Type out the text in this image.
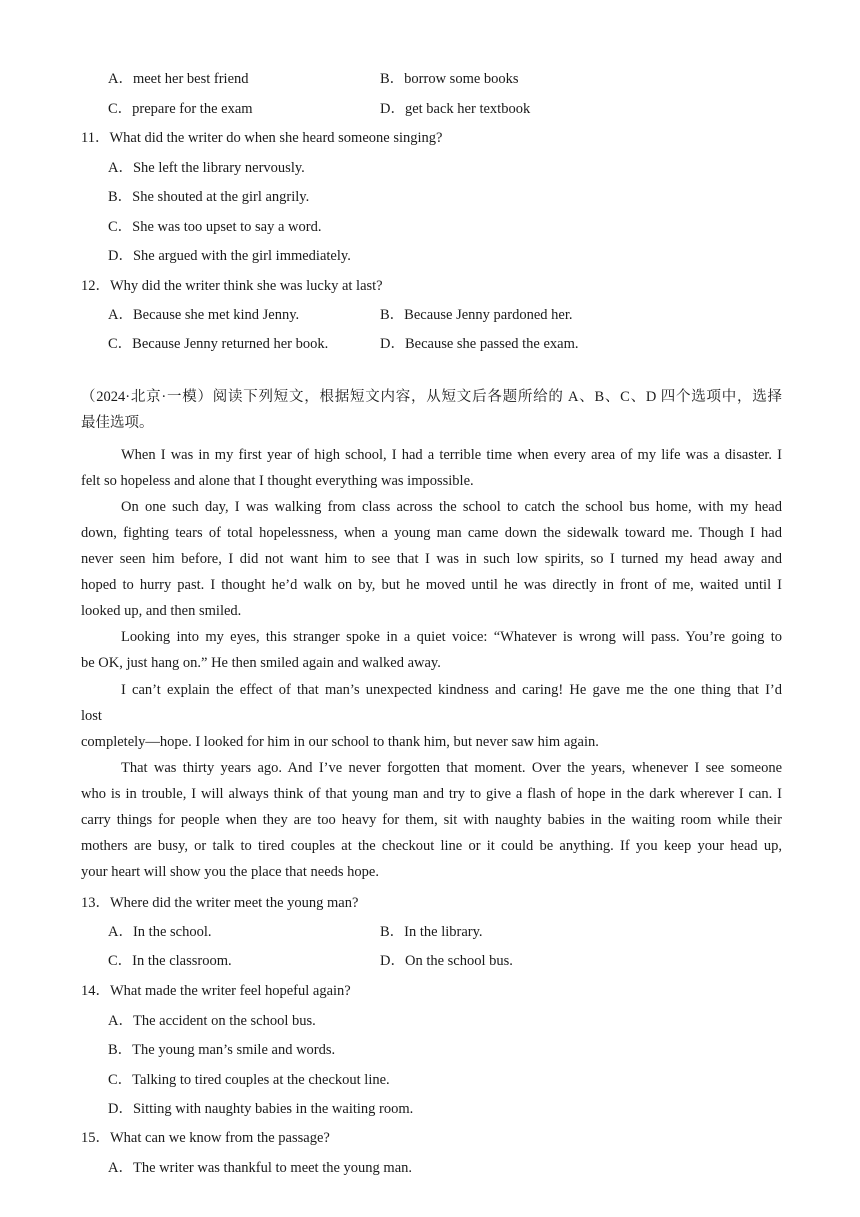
A．meet her best friend	B．borrow some books
C．prepare for the exam	D．get back her textbook
11．What did the writer do when she heard someone singing?
A．She left the library nervously.
B．She shouted at the girl angrily.
C．She was too upset to say a word.
D．She argued with the girl immediately.
12．Why did the writer think she was lucky at last?
A．Because she met kind Jenny.	B．Because Jenny pardoned her.
C．Because Jenny returned her book.	D．Because she passed the exam.
（2024·北京·一模）阅读下列短文，根据短文内容，从短文后各题所给的 A、B、C、D 四个选项中，选择
最佳选项。
When I was in my first year of high school, I had a terrible time when every area of my life was a disaster. I
felt so hopeless and alone that I thought everything was impossible.
On one such day, I was walking from class across the school to catch the school bus home, with my head
down, fighting tears of total hopelessness, when a young man came down the sidewalk toward me. Though I had
never seen him before, I did not want him to see that I was in such low spirits, so I turned my head away and
hoped to hurry past. I thought he’d walk on by, but he moved until he was directly in front of me, waited until I
looked up, and then smiled.
Looking into my eyes, this stranger spoke in a quiet voice: “Whatever is wrong will pass. You’re going to
be OK, just hang on.” He then smiled again and walked away.
I can’t explain the effect of that man’s unexpected kindness and caring! He gave me the one thing that I’d
lost
completely—hope. I looked for him in our school to thank him, but never saw him again.
That was thirty years ago. And I’ve never forgotten that moment. Over the years, whenever I see someone
who is in trouble, I will always think of that young man and try to give a flash of hope in the dark wherever I can. I
carry things for people when they are too heavy for them, sit with naughty babies in the waiting room while their
mothers are busy, or talk to tired couples at the checkout line or it could be anything. If you keep your head up,
your heart will show you the place that needs hope.
13．Where did the writer meet the young man?
A．In the school.	B．In the library.
C．In the classroom.	D．On the school bus.
14．What made the writer feel hopeful again?
A．The accident on the school bus.
B．The young man’s smile and words.
C．Talking to tired couples at the checkout line.
D．Sitting with naughty babies in the waiting room.
15．What can we know from the passage?
A．The writer was thankful to meet the young man.
